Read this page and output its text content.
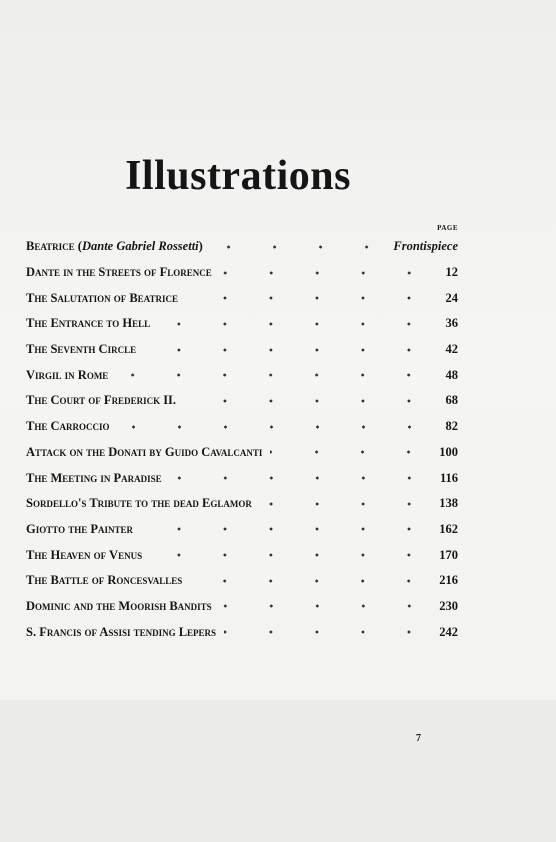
Illustrations
PAGE
Beatrice (Dante Gabriel Rossetti)	Frontispiece
Dante in the Streets of Florence	12
The Salutation of Beatrice	24
The Entrance to Hell	36
The Seventh Circle	42
Virgil in Rome	48
The Court of Frederick II.	68
The Carroccio	82
Attack on the Donati by Guido Cavalcanti	100
The Meeting in Paradise	116
Sordello's Tribute to the dead Eglamor	138
Giotto the Painter	162
The Heaven of Venus	170
The Battle of Roncesvalles	216
Dominic and the Moorish Bandits	230
S. Francis of Assisi tending Lepers	242
7
